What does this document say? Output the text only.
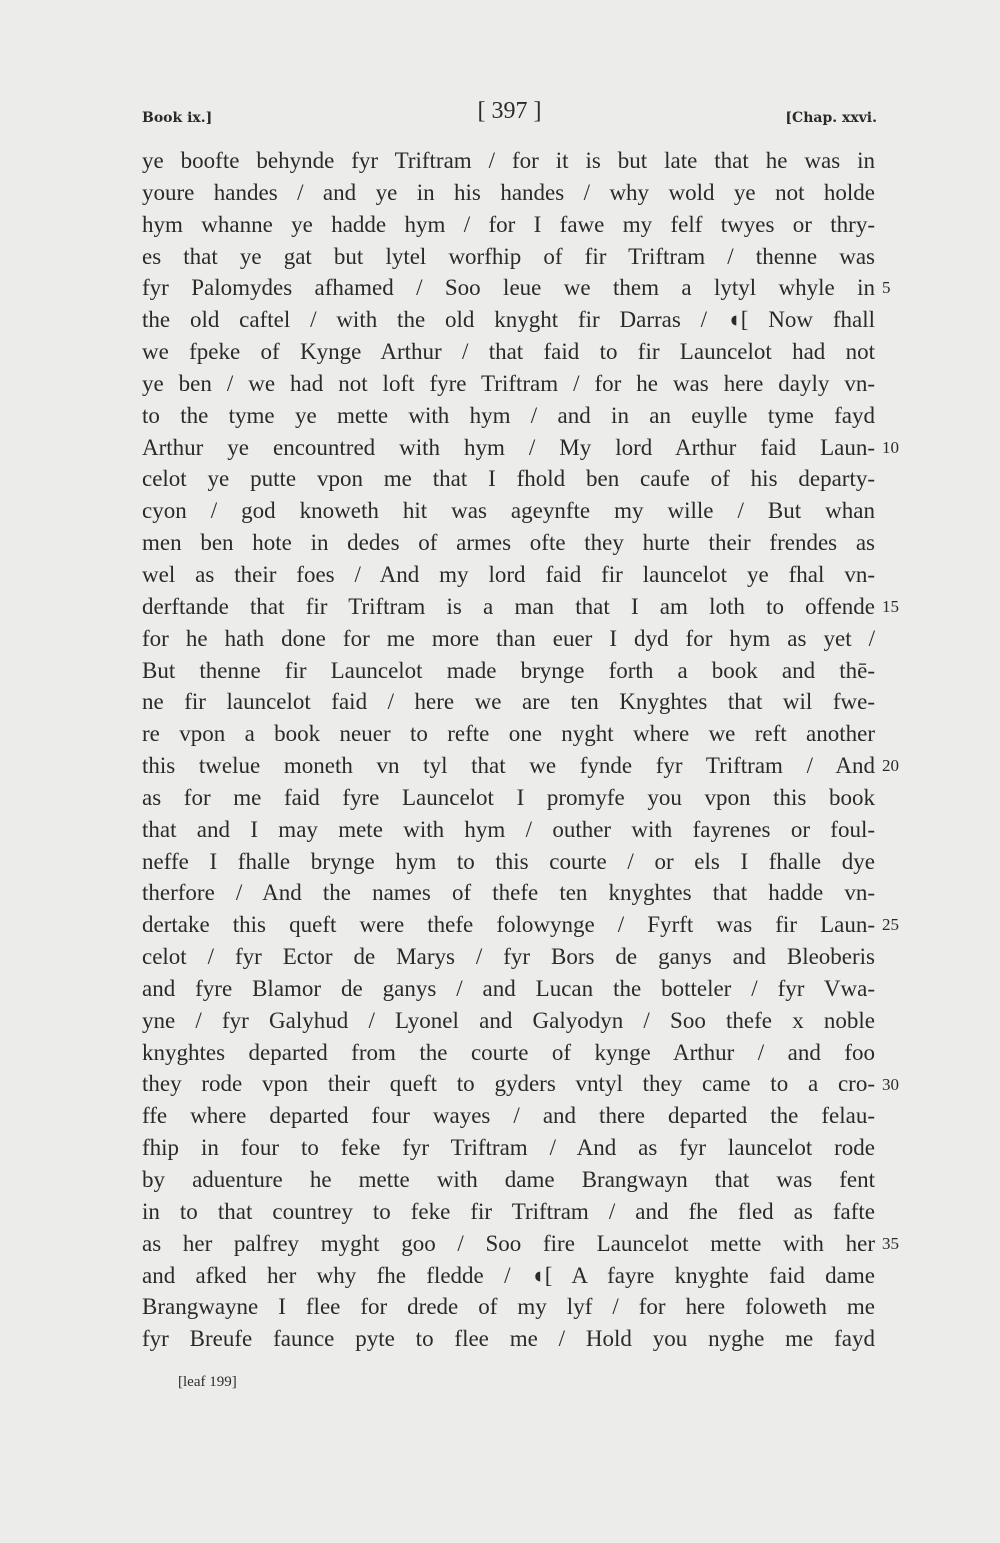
Book ix.]	[ 397 ]	[Chap. xxvi.
ye boofte behynde fyr Triftram / for it is but late that he was in
youre handes / and ye in his handes / why wold ye not holde
hym whanne ye hadde hym / for I fawe my felf twyes or thry-
es that ye gat but lytel worfhip of fir Triftram / thenne was
fyr Palomydes afhamed / Soo leue we them a lytyl whyle in
the old caftel / with the old knyght fir Darras / ◖[ Now fhall
we fpeke of Kynge Arthur / that faid to fir Launcelot had not
ye ben / we had not loft fyre Triftram / for he was here dayly vn-
to the tyme ye mette with hym / and in an euylle tyme fayd
Arthur ye encountred with hym / My lord Arthur faid Laun-
celot ye putte vpon me that I fhold ben caufe of his departy-
cyon / god knoweth hit was ageynfte my wille / But whan
men ben hote in dedes of armes ofte they hurte their frendes as
wel as their foes / And my lord faid fir launcelot ye fhal vn-
derftande that fir Triftram is a man that I am loth to offende
for he hath done for me more than euer I dyd for hym as yet /
But thenne fir Launcelot made brynge forth a book and thē-
ne fir launcelot faid / here we are ten Knyghtes that wil fwe-
re vpon a book neuer to refte one nyght where we reft another
this twelue moneth vn tyl that we fynde fyr Triftram / And
as for me faid fyre Launcelot I promyfe you vpon this book
that and I may mete with hym / outher with fayrenes or foul-
neffe I fhalle brynge hym to this courte / or els I fhalle dye
therfore / And the names of thefe ten knyghtes that hadde vn-
dertake this queft were thefe folowynge / Fyrft was fir Laun-
celot / fyr Ector de Marys / fyr Bors de ganys and Bleoberis
and fyre Blamor de ganys / and Lucan the botteler / fyr Vwa-
yne / fyr Galyhud / Lyonel and Galyodyn / Soo thefe x noble
knyghtes departed from the courte of kynge Arthur / and foo
they rode vpon their queft to gyders vntyl they came to a cro-
ffe where departed four wayes / and there departed the felau-
fhip in four to feke fyr Triftram / And as fyr launcelot rode
by aduenture he mette with dame Brangwayn that was fent
in to that countrey to feke fir Triftram / and fhe fled as fafte
as her palfrey myght goo / Soo fire Launcelot mette with her
and afked her why fhe fledde / ◖[ A fayre knyghte faid dame
Brangwayne I flee for drede of my lyf / for here foloweth me
fyr Breufe faunce pyte to flee me / Hold you nyghe me fayd
5
10
15
20
25
30
35
[leaf 199]
